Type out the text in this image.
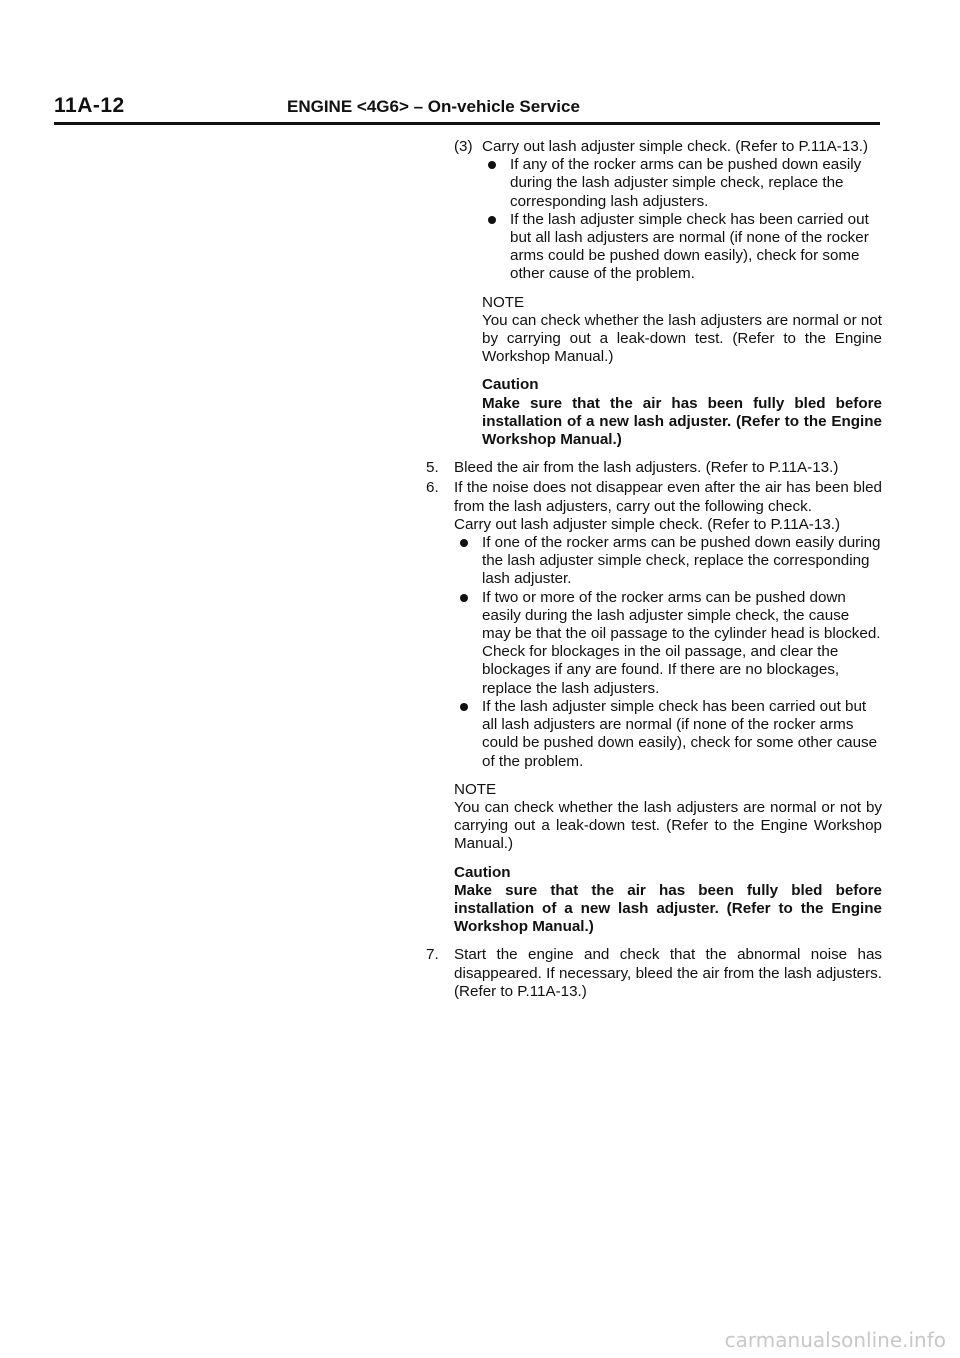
11A-12	ENGINE <4G6> – On-vehicle Service
(3) Carry out lash adjuster simple check. (Refer to P.11A-13.)

If any of the rocker arms can be pushed down easily during the lash adjuster simple check, replace the corresponding lash adjusters.
If the lash adjuster simple check has been carried out but all lash adjusters are normal (if none of the rocker arms could be pushed down easily), check for some other cause of the problem.

NOTE

You can check whether the lash adjusters are normal or not by carrying out a leak-down test. (Refer to the Engine Workshop Manual.)

Caution

Make sure that the air has been fully bled before installation of a new lash adjuster. (Refer to the Engine Workshop Manual.)

5. Bleed the air from the lash adjusters. (Refer to P.11A-13.)

6. If the noise does not disappear even after the air has been bled from the lash adjusters, carry out the following check.

Carry out lash adjuster simple check. (Refer to P.11A-13.)

If one of the rocker arms can be pushed down easily during the lash adjuster simple check, replace the corresponding lash adjuster.
If two or more of the rocker arms can be pushed down easily during the lash adjuster simple check, the cause may be that the oil passage to the cylinder head is blocked.
Check for blockages in the oil passage, and clear the blockages if any are found. If there are no blockages, replace the lash adjusters.
If the lash adjuster simple check has been carried out but all lash adjusters are normal (if none of the rocker arms could be pushed down easily), check for some other cause of the problem.

NOTE

You can check whether the lash adjusters are normal or not by carrying out a leak-down test. (Refer to the Engine Workshop Manual.)

Caution

Make sure that the air has been fully bled before installation of a new lash adjuster. (Refer to the Engine Workshop Manual.)

7. Start the engine and check that the abnormal noise has disappeared. If necessary, bleed the air from the lash adjusters. (Refer to P.11A-13.)

carmanualsonline.info
